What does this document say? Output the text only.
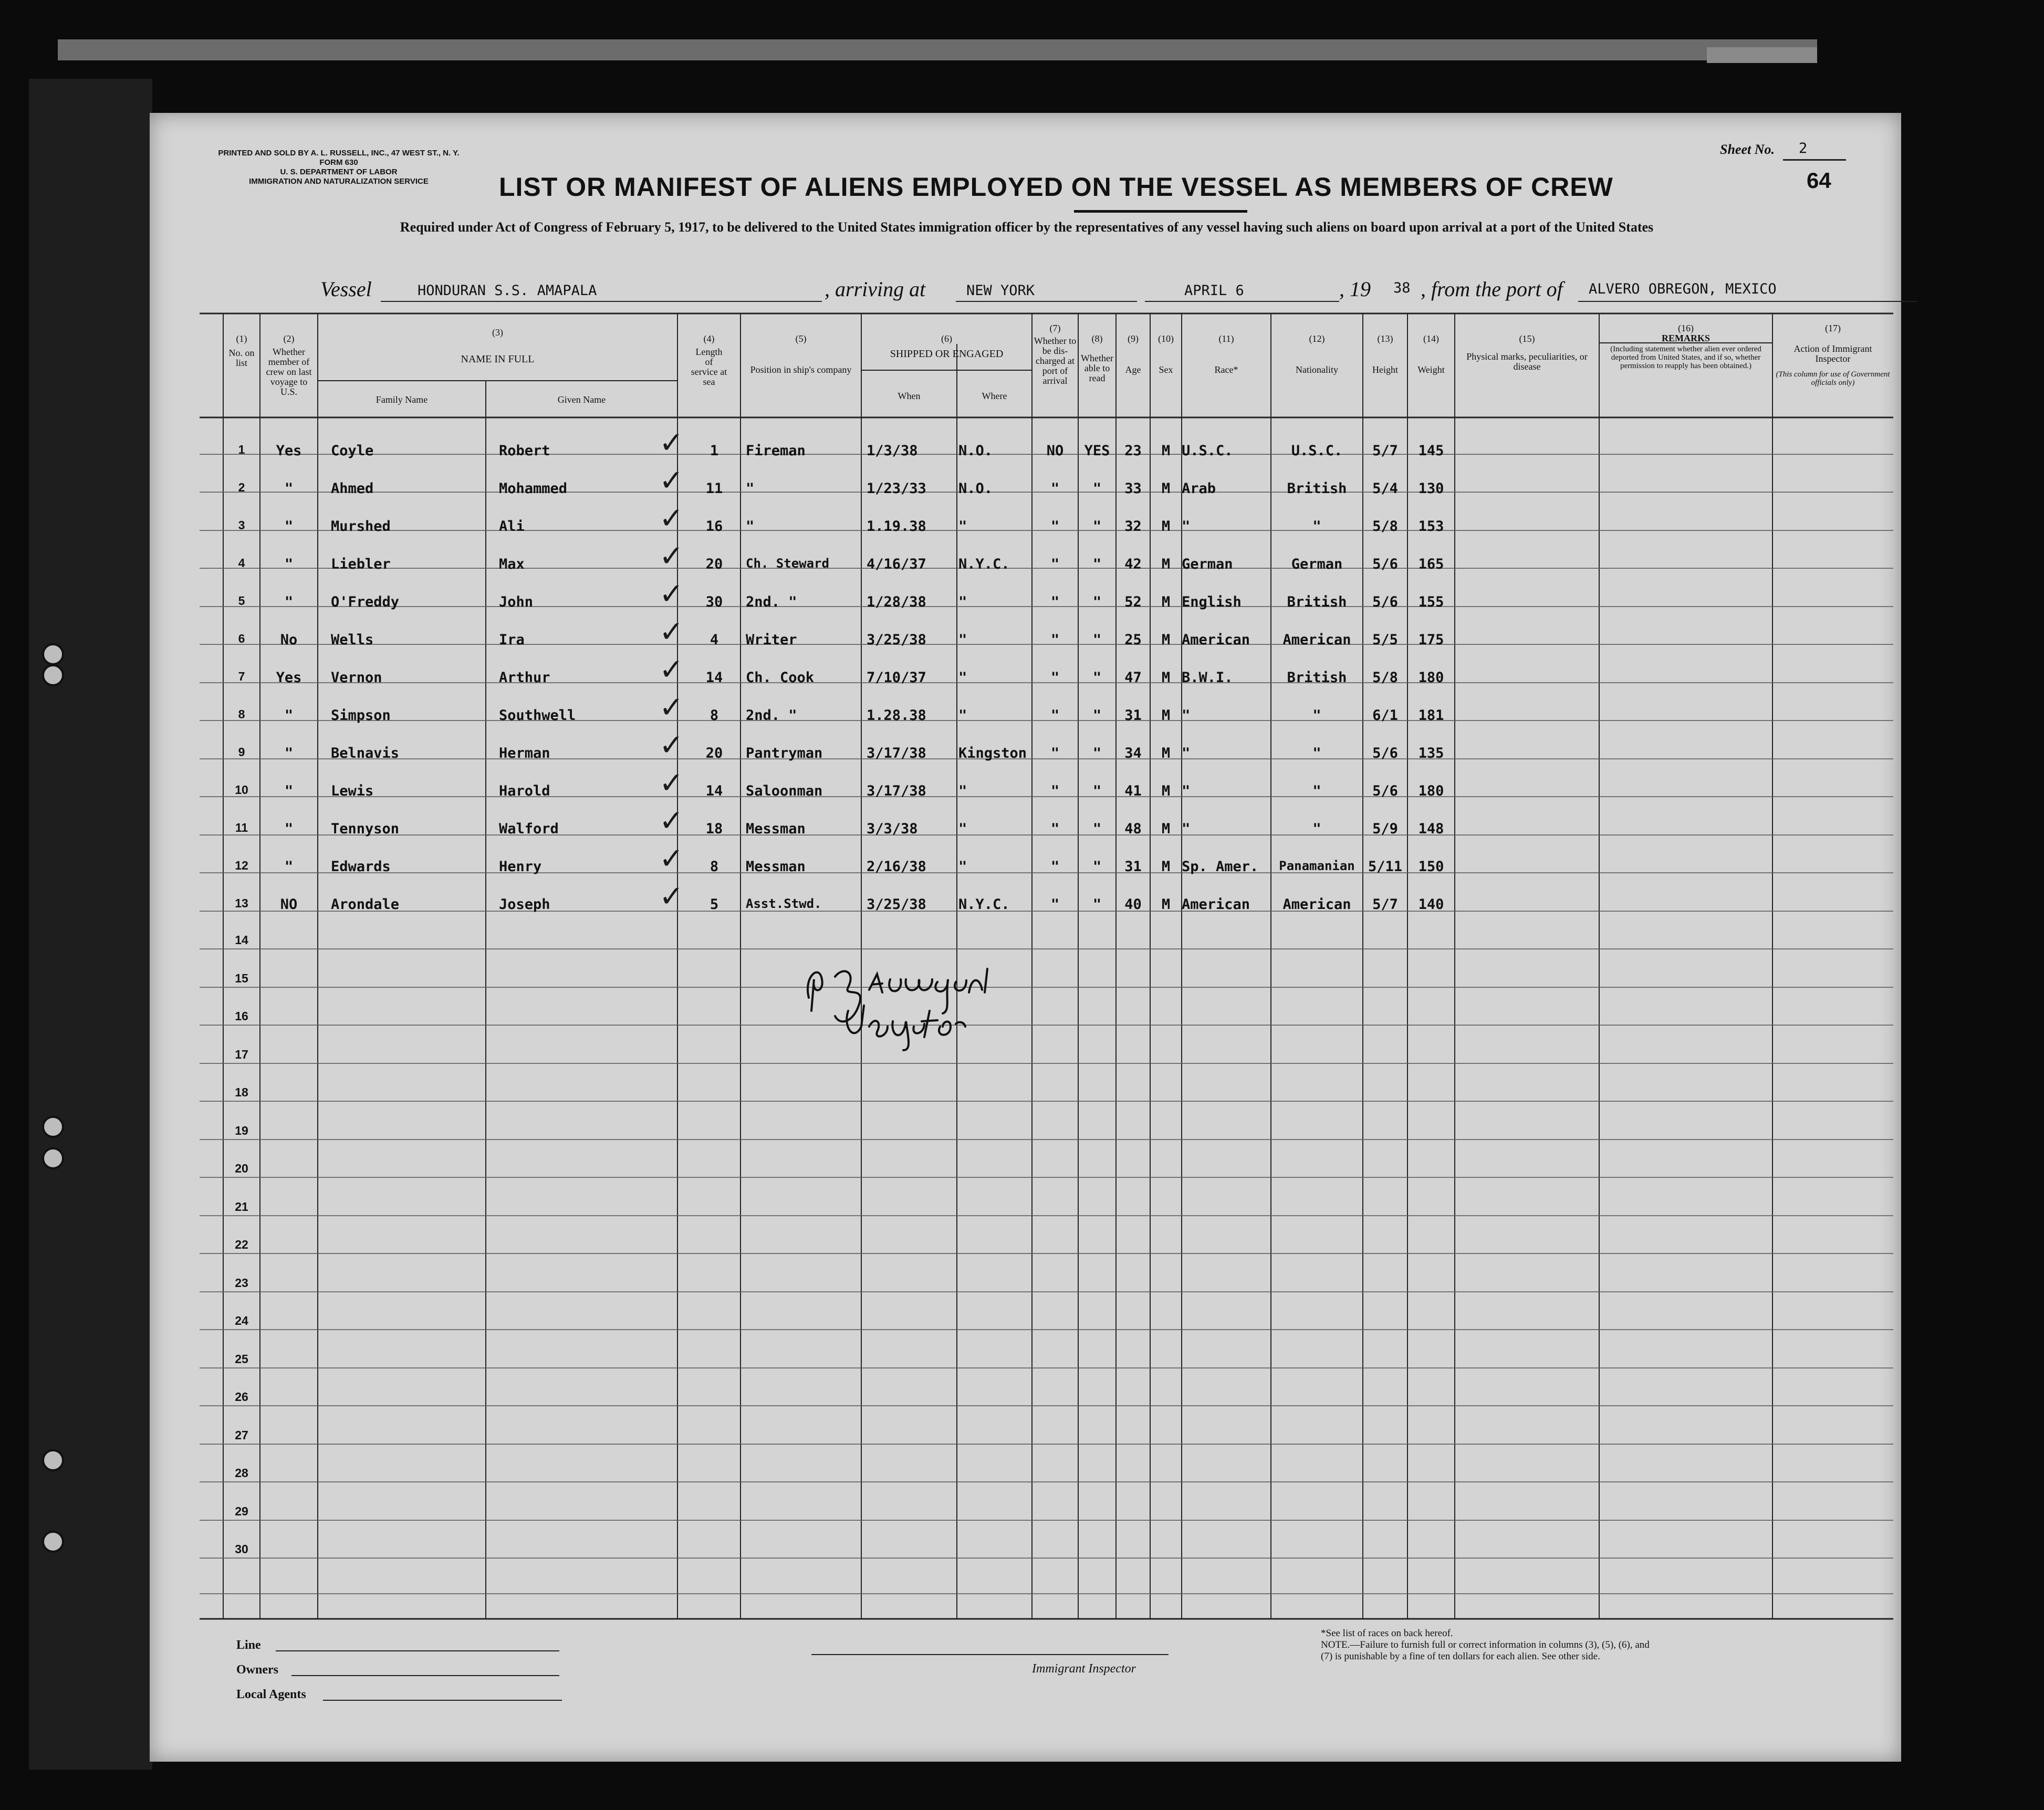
PRINTED AND SOLD BY A. L. RUSSELL, INC., 47 WEST ST., N. Y.
FORM 630
U. S. DEPARTMENT OF LABOR
IMMIGRATION AND NATURALIZATION SERVICE
Sheet No. 2
64
LIST OR MANIFEST OF ALIENS EMPLOYED ON THE VESSEL AS MEMBERS OF CREW
Required under Act of Congress of February 5, 1917, to be delivered to the United States immigration officer by the representatives of any vessel having such aliens on board upon arrival at a port of the United States
Vessel	HONDURAN S.S. AMAPALA	, arriving at	NEW YORK	APRIL 6	, 19 38 , from the port of ALVERO OBREGON, MEXICO
(1)
No. on list
(2)
Whether member of crew on last voyage to U.S.
(3)
NAME IN FULL
Family Name	Given Name
(4)
Length of service at sea
(5)
Position in ship's company
(6)
SHIPPED OR ENGAGED
When	Where
(7)
Whether to be dis-charged at port of arrival
(8)
Whether able to read
(9)
Age
(10)
Sex
(11)
Race*
(12)
Nationality
(13)
Height
(14)
Weight
(15)
Physical marks, peculiarities, or disease
(16)
REMARKS
(Including statement whether alien ever ordered deported from United States, and if so, whether permission to reapply has been obtained.)
(17)
Action of Immigrant Inspector
(This column for use of Government officials only)
1	Yes	Coyle	Robert	1	Fireman	1/3/38	N.O.	NO	YES	23	M U.S.C.	U.S.C.	5/7	145
✓
2	"	Ahmed	Mohammed	11	"	1/23/33	N.O.	"	"	33	M Arab	British	5/4	130
✓
3	"	Murshed	Ali	16	"	1.19.38	"	"	"	32	M "	"	5/8	153
✓
4	"	Liebler	Max	20	Ch. Steward	4/16/37	N.Y.C.	"	"	42	M German	German	5/6	165
✓
5	"	O'Freddy	John	30	2nd. "	1/28/38	"	"	"	52	M English	British	5/6	155
✓
6	No	Wells	Ira	4	Writer	3/25/38	"	"	"	25	M American	American	5/5	175
✓
7	Yes	Vernon	Arthur	14	Ch. Cook	7/10/37	"	"	"	47	M B.W.I.	British	5/8	180
✓
8	"	Simpson	Southwell	8	2nd. "	1.28.38	"	"	"	31	M "	"	6/1	181
✓
9	"	Belnavis	Herman	20	Pantryman	3/17/38	Kingston	"	"	34	M "	"	5/6	135
✓
10	"	Lewis	Harold	14	Saloonman	3/17/38	"	"	"	41	M "	"	5/6	180
✓
11	"	Tennyson	Walford	18	Messman	3/3/38	"	"	"	48	M "	"	5/9	148
✓
12	"	Edwards	Henry	8	Messman	2/16/38	"	"	"	31	M Sp. Amer.	Panamanian 5/11	150
✓
13	NO	Arondale	Joseph	5	Asst.Stwd.	3/25/38	N.Y.C.	"	"	40	M American	American	5/7	140
✓
14
15
16
17
18
19
20
21
22
23
24
25
26
27
28
29
30
Line
Owners
Local Agents
Immigrant Inspector
*See list of races on back hereof.
NOTE.—Failure to furnish full or correct information in columns (3), (5), (6), and
(7) is punishable by a fine of ten dollars for each alien. See other side.
